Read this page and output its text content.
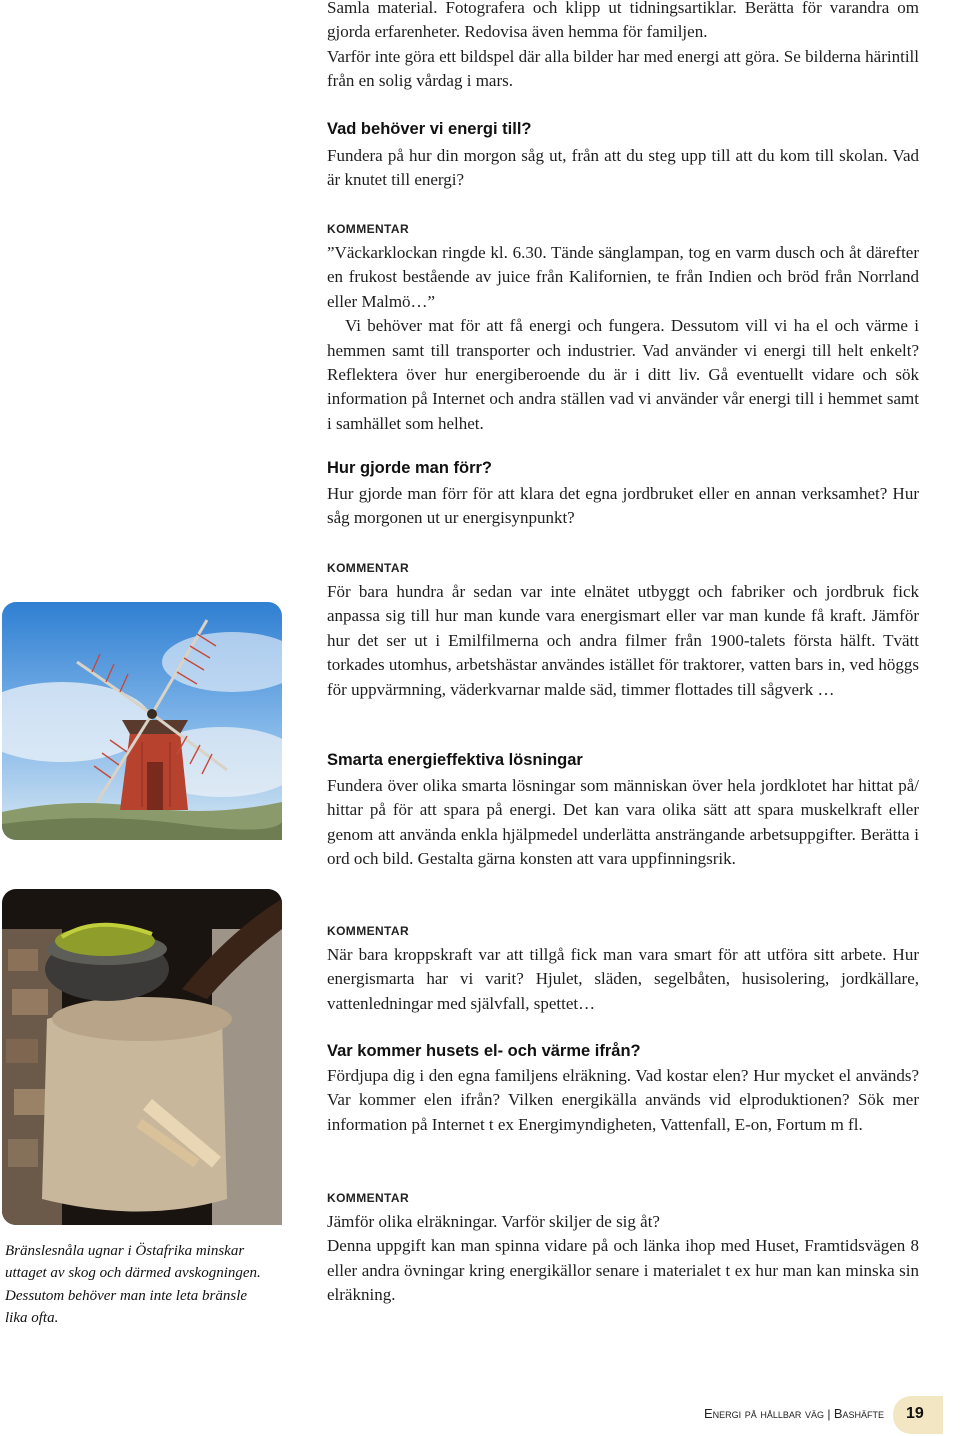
Samla material. Fotografera och klipp ut tidningsartiklar. Berätta för varandra om gjorda erfarenheter. Redovisa även hemma för familjen.

Varför inte göra ett bildspel där alla bilder har med energi att göra. Se bilderna härintill från en solig vårdag i mars.

Vad behöver vi energi till?

Fundera på hur din morgon såg ut, från att du steg upp till att du kom till skolan. Vad är knutet till energi?

KOMMENTAR

”Väckarklockan ringde kl. 6.30. Tände sänglampan, tog en varm dusch och åt därefter en frukost bestående av juice från Kalifornien, te från Indien och bröd från Norrland eller Malmö…”

Vi behöver mat för att få energi och fungera. Dessutom vill vi ha el och värme i hemmen samt till transporter och industrier. Vad använder vi energi till helt enkelt? Reflektera över hur energiberoende du är i ditt liv. Gå eventuellt vidare och sök information på Internet och andra ställen vad vi använder vår energi till i hemmet samt i samhället som helhet.

Hur gjorde man förr?

Hur gjorde man förr för att klara det egna jordbruket eller en annan verksamhet? Hur såg morgonen ut ur energisynpunkt?

KOMMENTAR

För bara hundra år sedan var inte elnätet utbyggt och fabriker och jordbruk fick anpassa sig till hur man kunde vara energismart eller var man kunde få kraft. Jämför hur det ser ut i Emilfilmerna och andra filmer från 1900-talets första hälft. Tvätt torkades utomhus, arbetshästar användes istället för traktorer, vatten bars in, ved höggs för uppvärmning, väderkvarnar malde säd, timmer flottades till sågverk …

Smarta energieffektiva lösningar

Fundera över olika smarta lösningar som människan över hela jordklotet har hittat på/ hittar på för att spara på energi. Det kan vara olika sätt att spara muskelkraft eller genom att använda enkla hjälpmedel underlätta ansträngande arbetsuppgifter. Berätta i ord och bild. Gestalta gärna konsten att vara uppfinningsrik.

KOMMENTAR

När bara kroppskraft var att tillgå fick man vara smart för att utföra sitt arbete. Hur energismarta har vi varit? Hjulet, släden, segelbåten, husisolering, jordkällare, vattenledningar med självfall, spettet…

Var kommer husets el- och värme ifrån?

Fördjupa dig i den egna familjens elräkning. Vad kostar elen? Hur mycket el används? Var kommer elen ifrån? Vilken energikälla används vid elproduktionen? Sök mer information på Internet t ex Energimyndigheten, Vattenfall, E-on, Fortum m fl.

KOMMENTAR

Jämför olika elräkningar. Varför skiljer de sig åt?

Denna uppgift kan man spinna vidare på och länka ihop med Huset, Framtidsvägen 8 eller andra övningar kring energikällor senare i materialet t ex hur man kan minska sin elräkning.

Bränslesnåla ugnar i Östafrika minskar uttaget av skog och därmed avskogningen. Dessutom behöver man inte leta bränsle lika ofta.
Energi på hållbar väg | Bashäfte 19
